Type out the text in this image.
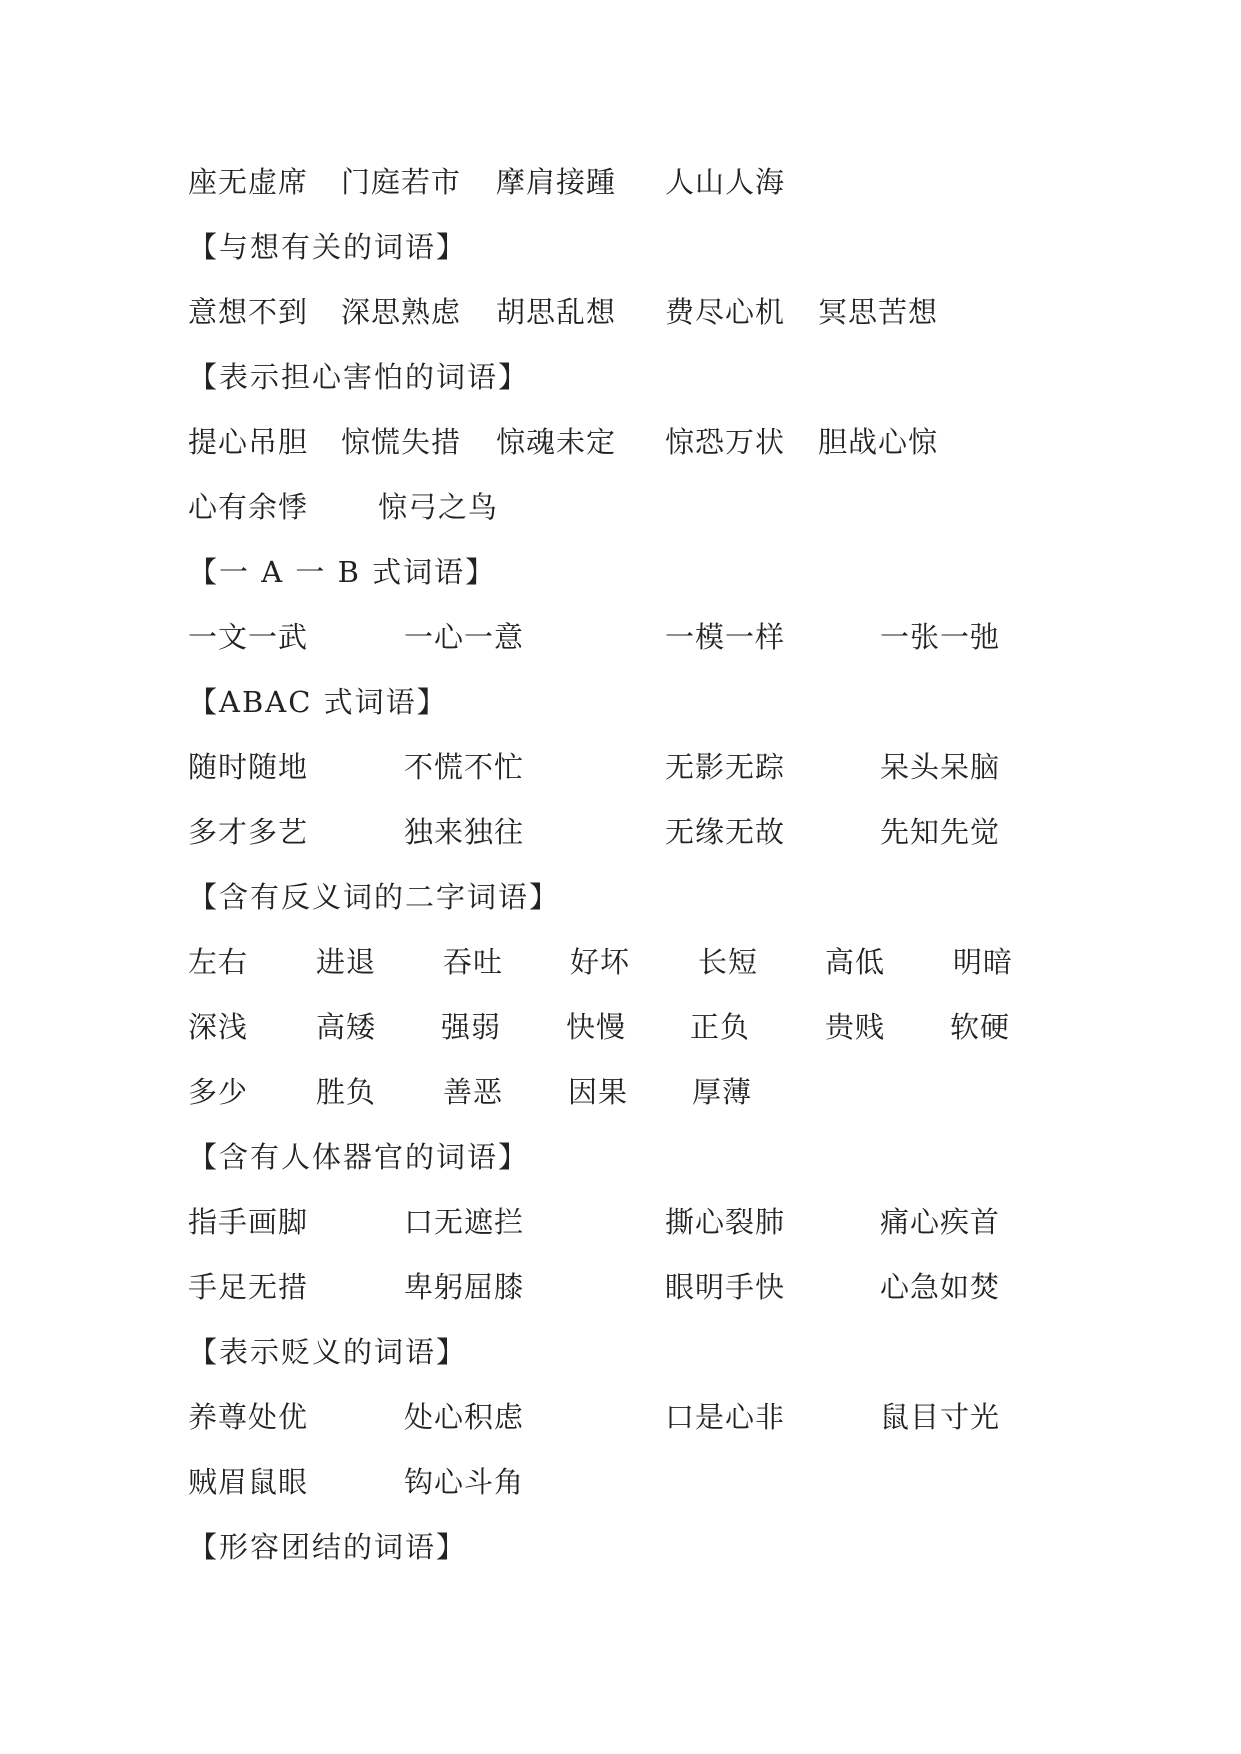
座无虚席 门庭若市 摩肩接踵 人山人海
【与想有关的词语】
意想不到 深思熟虑 胡思乱想 费尽心机 冥思苦想
【表示担心害怕的词语】
提心吊胆 惊慌失措 惊魂未定 惊恐万状 胆战心惊
心有余悸 惊弓之鸟
【一 A 一 B 式词语】
一文一武	一心一意	一模一样	一张一弛
【ABAC 式词语】
随时随地	不慌不忙	无影无踪	呆头呆脑
多才多艺	独来独往	无缘无故	先知先觉
【含有反义词的二字词语】
左右 进退 吞吐 好坏 长短 高低 明暗
深浅 高矮 强弱 快慢 正负	贵贱 软硬
多少 胜负 善恶 因果 厚薄
【含有人体器官的词语】
指手画脚	口无遮拦	撕心裂肺	痛心疾首
手足无措	卑躬屈膝	眼明手快	心急如焚
【表示贬义的词语】
养尊处优	处心积虑	口是心非	鼠目寸光
贼眉鼠眼	钩心斗角
【形容团结的词语】
